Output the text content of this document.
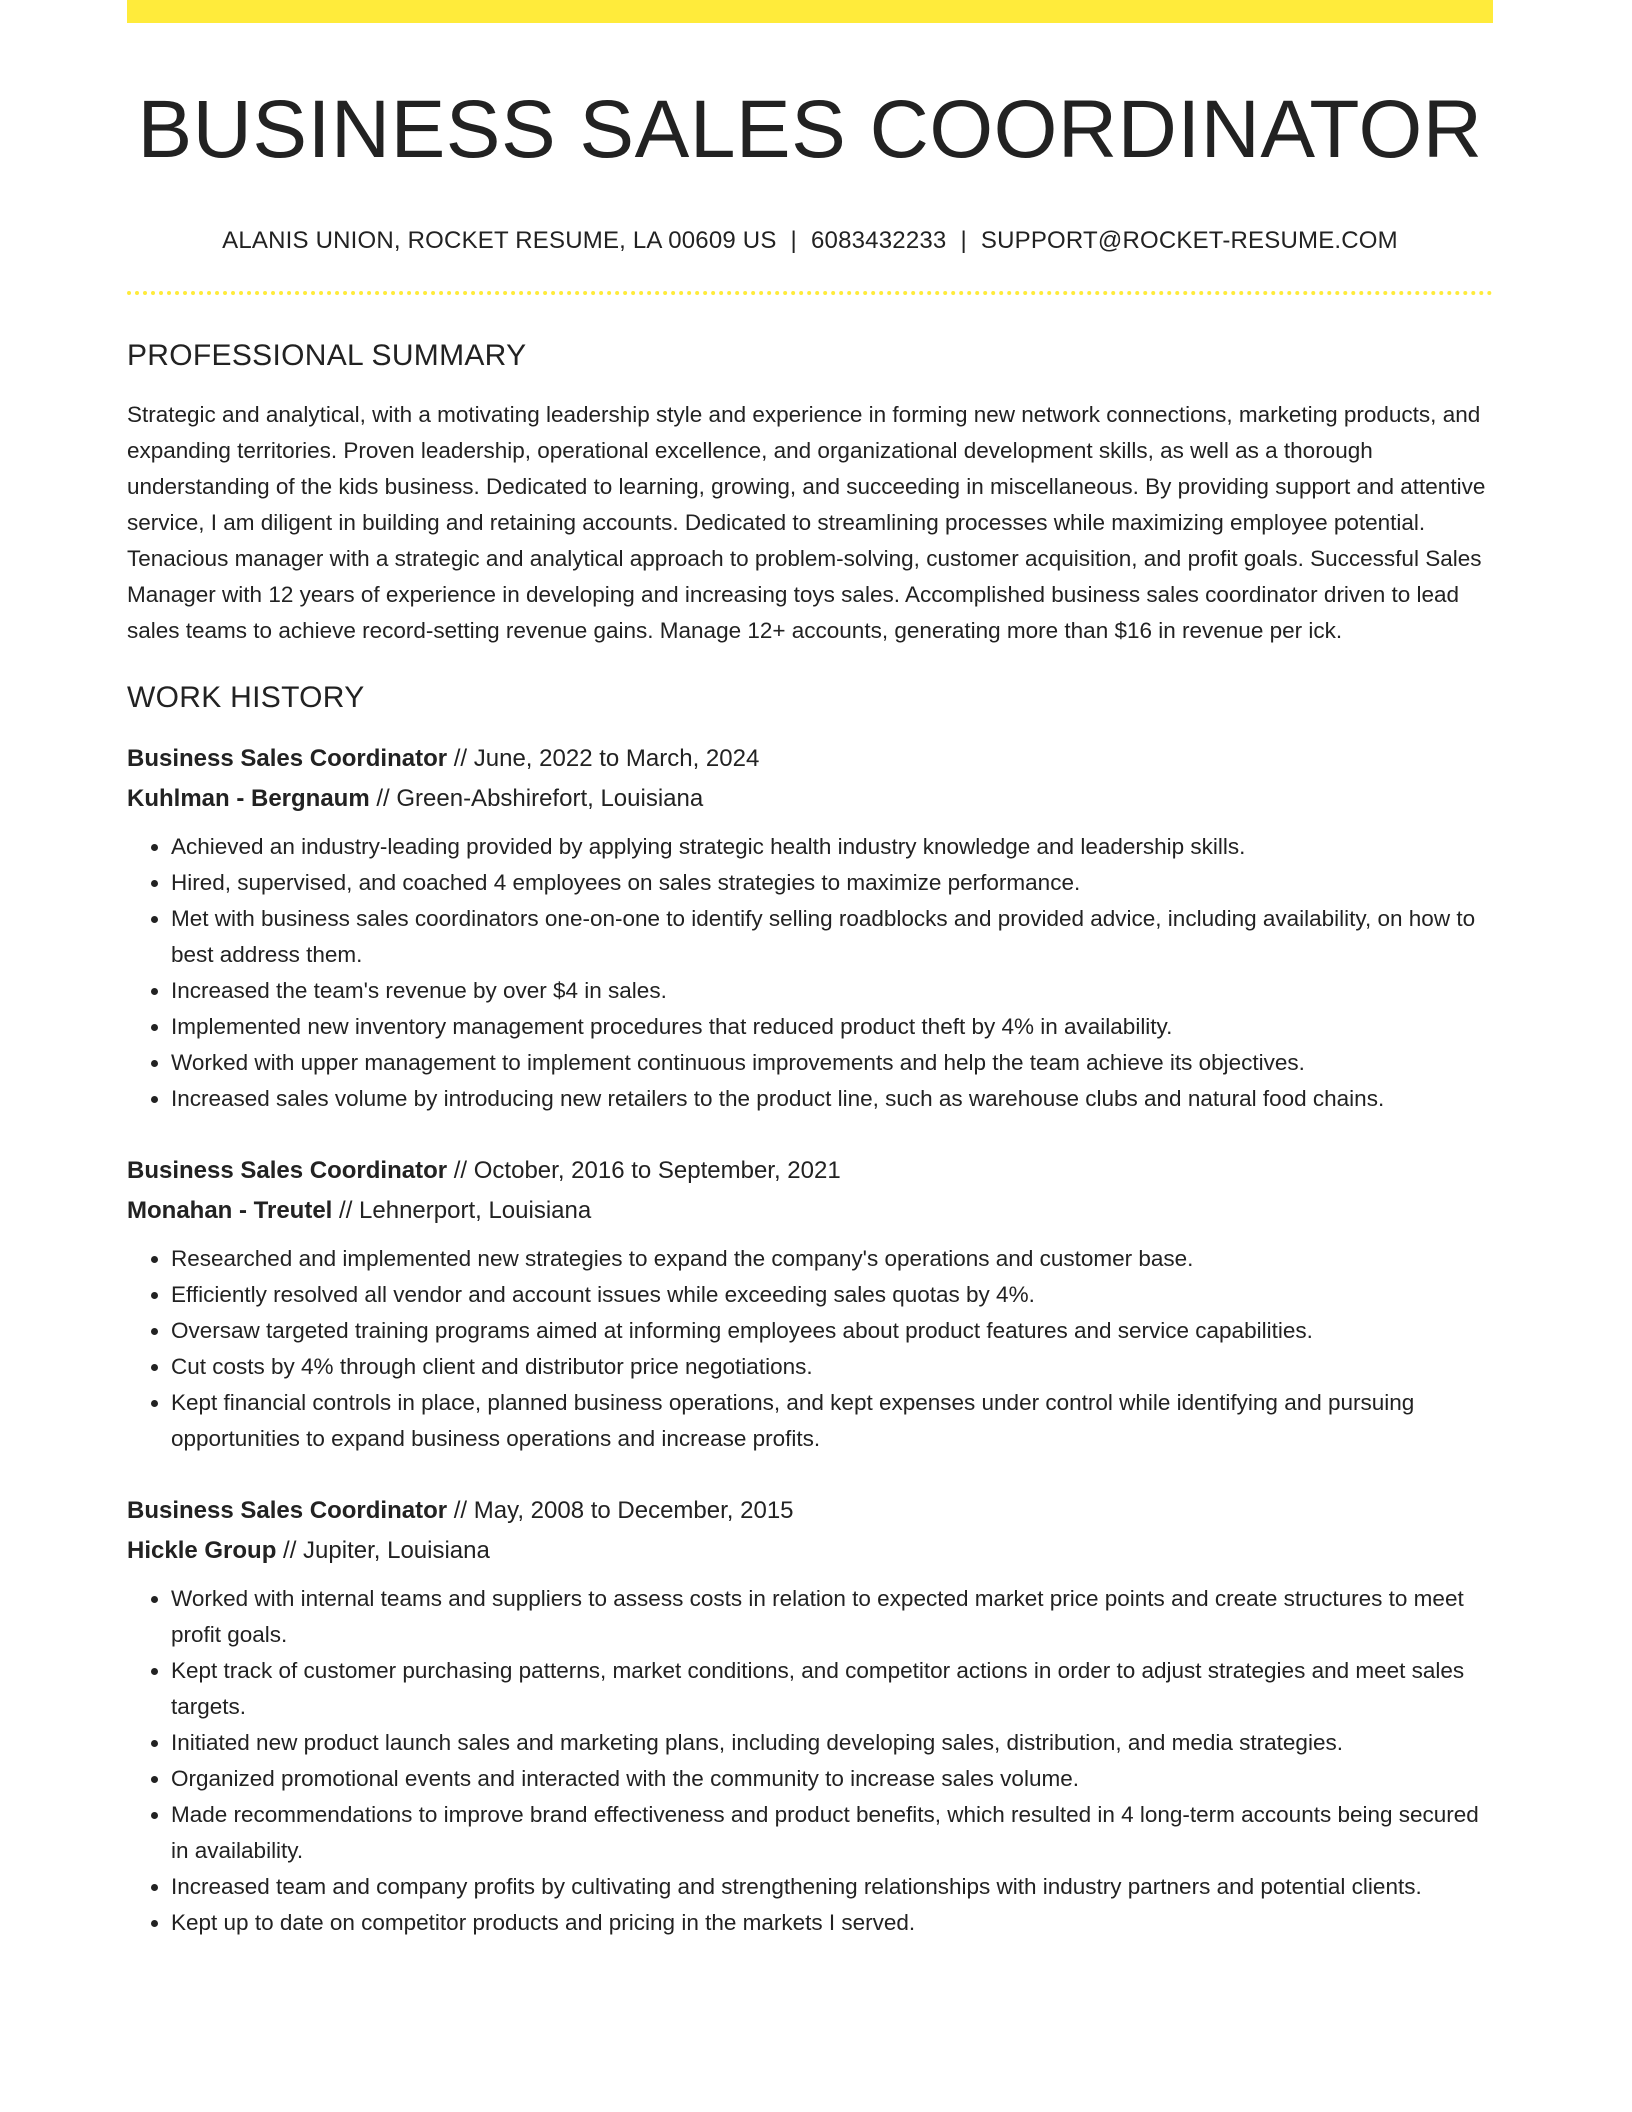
BUSINESS SALES COORDINATOR
ALANIS UNION, ROCKET RESUME, LA 00609 US | 6083432233 | SUPPORT@ROCKET-RESUME.COM
PROFESSIONAL SUMMARY

Strategic and analytical, with a motivating leadership style and experience in forming new network connections, marketing products, and expanding territories. Proven leadership, operational excellence, and organizational development skills, as well as a thorough understanding of the kids business. Dedicated to learning, growing, and succeeding in miscellaneous. By providing support and attentive service, I am diligent in building and retaining accounts. Dedicated to streamlining processes while maximizing employee potential. Tenacious manager with a strategic and analytical approach to problem-solving, customer acquisition, and profit goals. Successful Sales Manager with 12 years of experience in developing and increasing toys sales. Accomplished business sales coordinator driven to lead sales teams to achieve record-setting revenue gains. Manage 12+ accounts, generating more than $16 in revenue per ick.

WORK HISTORY
Business Sales Coordinator // June, 2022 to March, 2024
Kuhlman - Bergnaum // Green-Abshirefort, Louisiana
• Achieved an industry-leading provided by applying strategic health industry knowledge and leadership skills.
• Hired, supervised, and coached 4 employees on sales strategies to maximize performance.
• Met with business sales coordinators one-on-one to identify selling roadblocks and provided advice, including availability, on how to best address them.
• Increased the team's revenue by over $4 in sales.
• Implemented new inventory management procedures that reduced product theft by 4% in availability.
• Worked with upper management to implement continuous improvements and help the team achieve its objectives.
• Increased sales volume by introducing new retailers to the product line, such as warehouse clubs and natural food chains.
Business Sales Coordinator // October, 2016 to September, 2021
Monahan - Treutel // Lehnerport, Louisiana
• Researched and implemented new strategies to expand the company's operations and customer base.
• Efficiently resolved all vendor and account issues while exceeding sales quotas by 4%.
• Oversaw targeted training programs aimed at informing employees about product features and service capabilities.
• Cut costs by 4% through client and distributor price negotiations.
• Kept financial controls in place, planned business operations, and kept expenses under control while identifying and pursuing opportunities to expand business operations and increase profits.
Business Sales Coordinator // May, 2008 to December, 2015
Hickle Group // Jupiter, Louisiana
• Worked with internal teams and suppliers to assess costs in relation to expected market price points and create structures to meet profit goals.
• Kept track of customer purchasing patterns, market conditions, and competitor actions in order to adjust strategies and meet sales targets.
• Initiated new product launch sales and marketing plans, including developing sales, distribution, and media strategies.
• Organized promotional events and interacted with the community to increase sales volume.
• Made recommendations to improve brand effectiveness and product benefits, which resulted in 4 long-term accounts being secured in availability.
• Increased team and company profits by cultivating and strengthening relationships with industry partners and potential clients.
• Kept up to date on competitor products and pricing in the markets I served.
